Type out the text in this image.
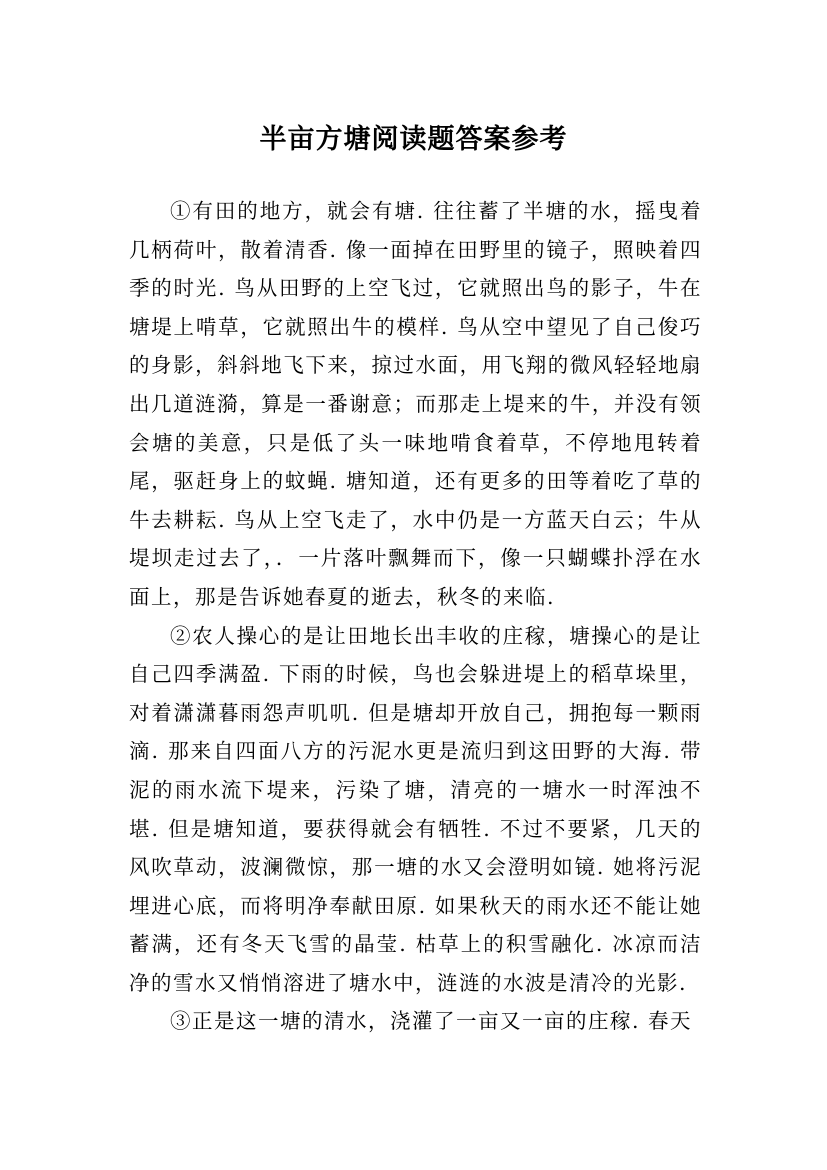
半亩方塘阅读题答案参考

①有田的地方，就会有塘. 往往蓄了半塘的水，摇曳着几柄荷叶，散着清香. 像一面掉在田野里的镜子，照映着四季的时光. 鸟从田野的上空飞过，它就照出鸟的影子，牛在塘堤上啃草，它就照出牛的模样. 鸟从空中望见了自己俊巧的身影，斜斜地飞下来，掠过水面，用飞翔的微风轻轻地扇出几道涟漪，算是一番谢意；而那走上堤来的牛，并没有领会塘的美意，只是低了头一味地啃食着草，不停地甩转着尾，驱赶身上的蚊蝇. 塘知道，还有更多的田等着吃了草的牛去耕耘. 鸟从上空飞走了，水中仍是一方蓝天白云；牛从堤坝走过去了，．一片落叶飘舞而下，像一只蝴蝶扑浮在水面上，那是告诉她春夏的逝去，秋冬的来临.

②农人操心的是让田地长出丰收的庄稼，塘操心的是让自己四季满盈. 下雨的时候，鸟也会躲进堤上的稻草垛里，对着潇潇暮雨怨声叽叽. 但是塘却开放自己，拥抱每一颗雨滴. 那来自四面八方的污泥水更是流归到这田野的大海. 带泥的雨水流下堤来，污染了塘，清亮的一塘水一时浑浊不堪. 但是塘知道，要获得就会有牺牲. 不过不要紧，几天的风吹草动，波澜微惊，那一塘的水又会澄明如镜. 她将污泥埋进心底，而将明净奉献田原. 如果秋天的雨水还不能让她蓄满，还有冬天飞雪的晶莹. 枯草上的积雪融化. 冰凉而洁净的雪水又悄悄溶进了塘水中，涟涟的水波是清冷的光影.

③正是这一塘的清水，浇灌了一亩又一亩的庄稼. 春天
